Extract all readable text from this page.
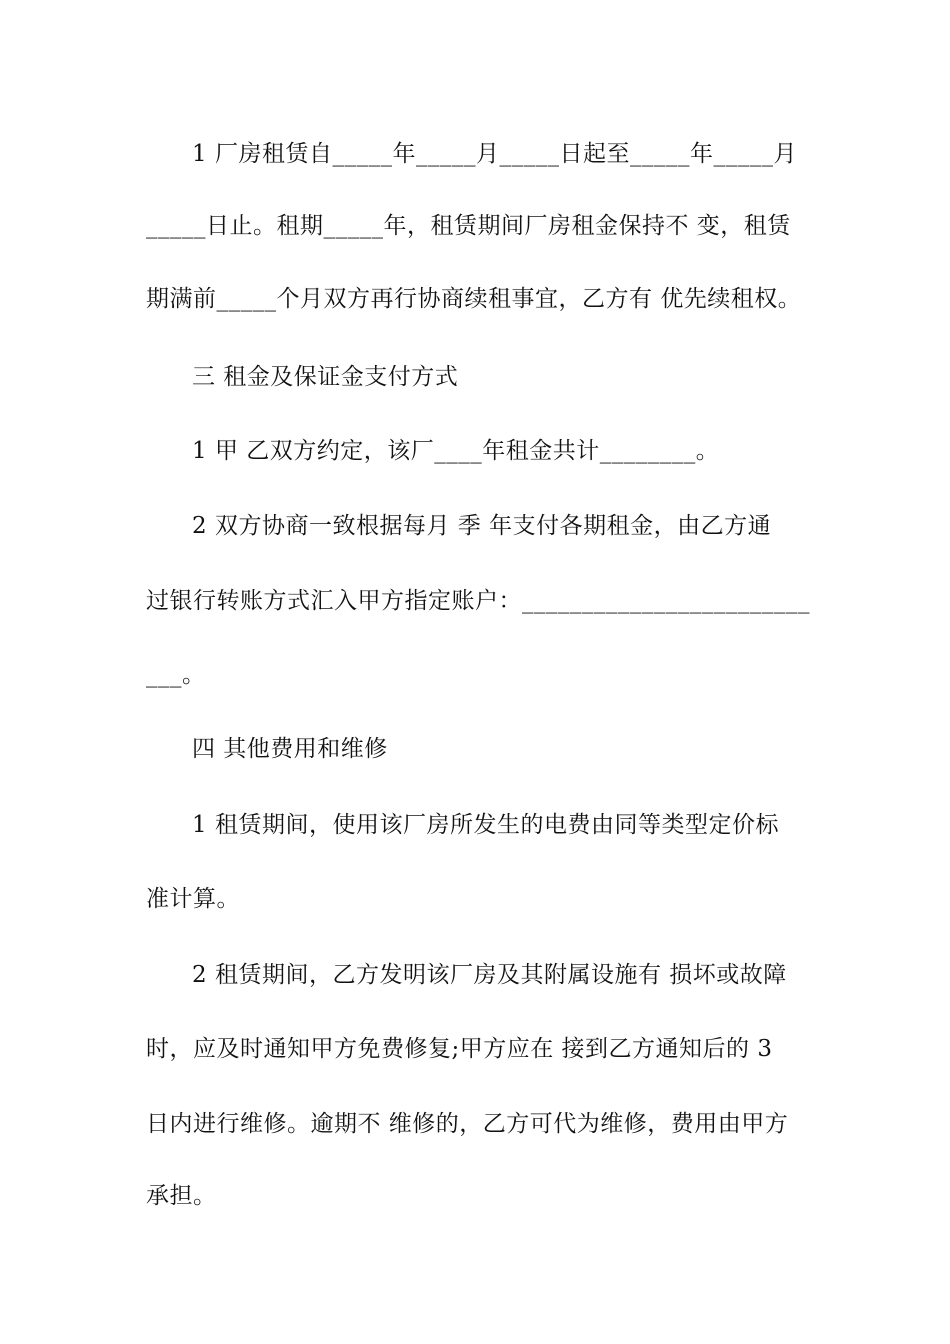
1 厂房租赁自_____年_____月_____日起至_____年_____月
_____日止。租期_____年，租赁期间厂房租金保持不 变，租赁
期满前_____个月双方再行协商续租事宜，乙方有 优先续租权。
三 租金及保证金支付方式
1 甲 乙双方约定，该厂____年租金共计________。
2 双方协商一致根据每月 季 年支付各期租金，由乙方通
过银行转账方式汇入甲方指定账户：________________________
___。
四 其他费用和维修
1 租赁期间，使用该厂房所发生的电费由同等类型定价标
准计算。
2 租赁期间，乙方发明该厂房及其附属设施有 损坏或故障
时，应及时通知甲方免费修复;甲方应在 接到乙方通知后的 3
日内进行维修。逾期不 维修的，乙方可代为维修，费用由甲方
承担。
